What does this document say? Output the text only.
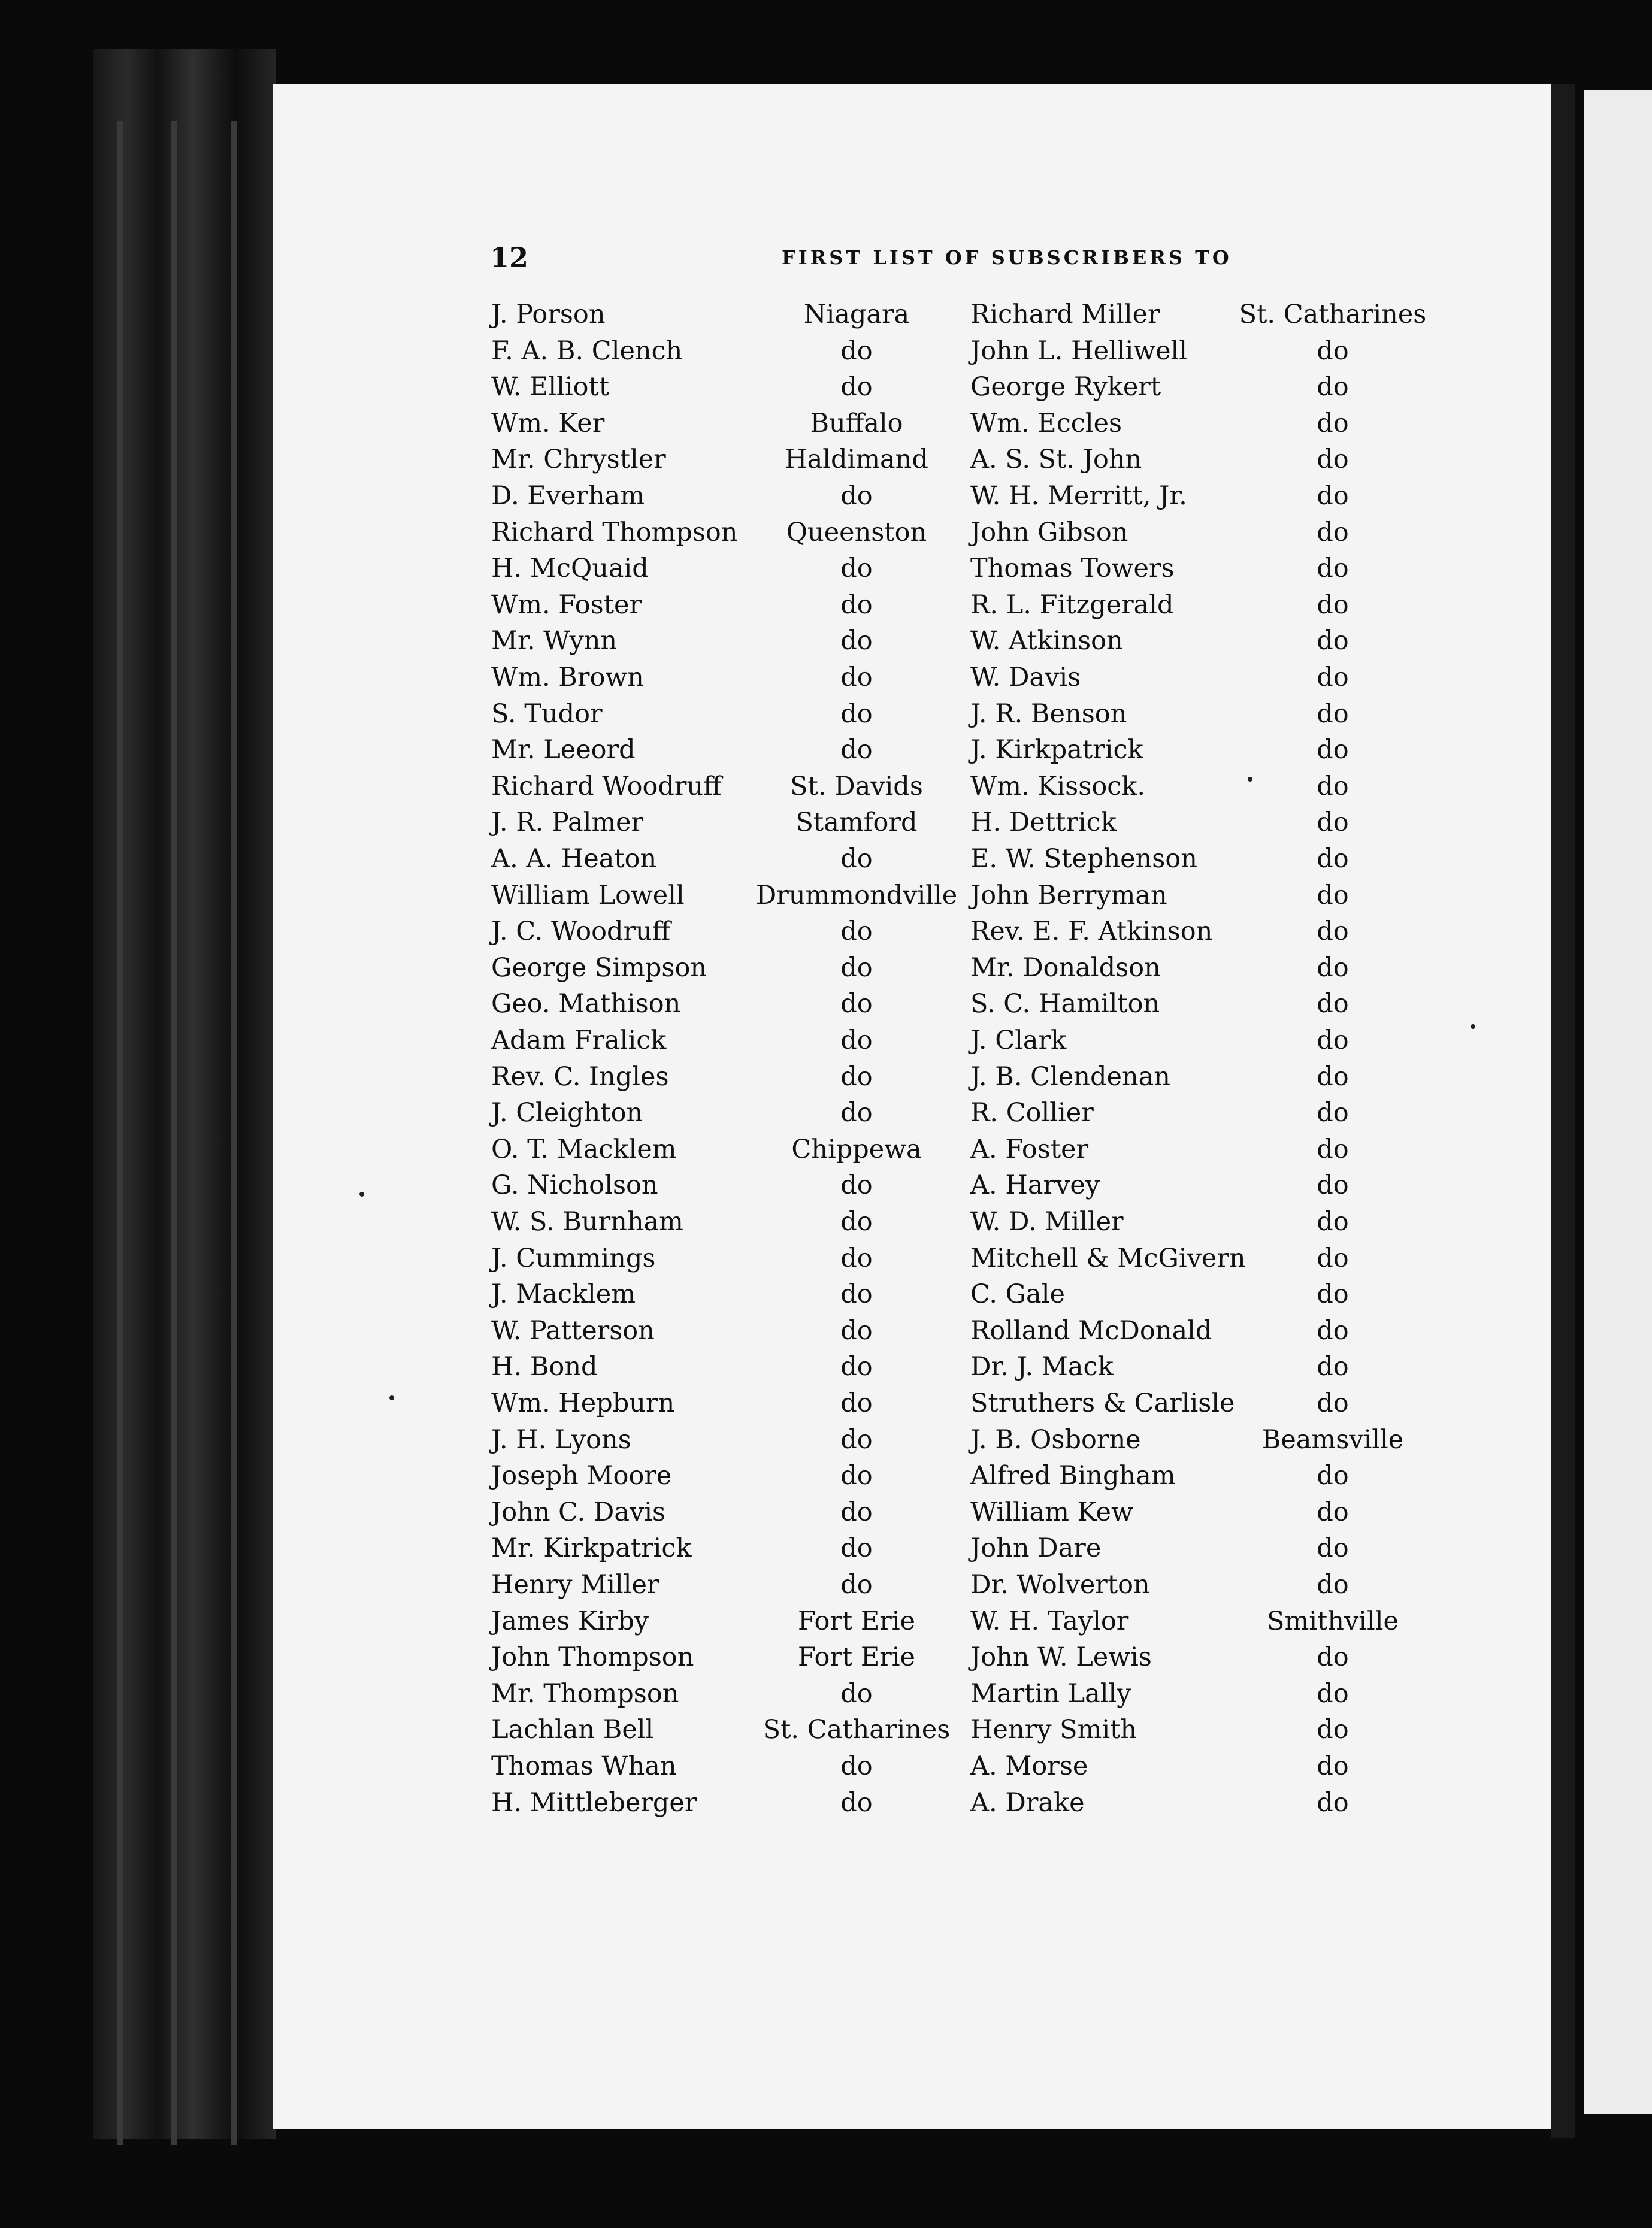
12	FIRST LIST OF SUBSCRIBERS TO
J. Porson	Niagara	Richard Miller	St. Catharines
F. A. B. Clench	do	John L. Helliwell	do
W. Elliott	do	George Rykert	do
Wm. Ker	Buffalo	Wm. Eccles	do
Mr. Chrystler	Haldimand	A. S. St. John	do
D. Everham	do	W. H. Merritt, Jr.	do
Richard Thompson	Queenston	John Gibson	do
H. McQuaid	do	Thomas Towers	do
Wm. Foster	do	R. L. Fitzgerald	do
Mr. Wynn	do	W. Atkinson	do
Wm. Brown	do	W. Davis	do
S. Tudor	do	J. R. Benson	do
Mr. Leeord	do	J. Kirkpatrick	do
Richard Woodruff	St. Davids	Wm. Kissock.	do
J. R. Palmer	Stamford	H. Dettrick	do
A. A. Heaton	do	E. W. Stephenson	do
William Lowell	Drummondville John Berryman	do
J. C. Woodruff	do	Rev. E. F. Atkinson	do
George Simpson	do	Mr. Donaldson	do
Geo. Mathison	do	S. C. Hamilton	do
Adam Fralick	do	J. Clark	do
Rev. C. Ingles	do	J. B. Clendenan	do
J. Cleighton	do	R. Collier	do
O. T. Macklem	Chippewa	A. Foster	do
G. Nicholson	do	A. Harvey	do
W. S. Burnham	do	W. D. Miller	do
J. Cummings	do	Mitchell & McGivern	do
J. Macklem	do	C. Gale	do
W. Patterson	do	Rolland McDonald	do
H. Bond	do	Dr. J. Mack	do
Wm. Hepburn	do	Struthers & Carlisle	do
J. H. Lyons	do	J. B. Osborne	Beamsville
Joseph Moore	do	Alfred Bingham	do
John C. Davis	do	William Kew	do
Mr. Kirkpatrick	do	John Dare	do
Henry Miller	do	Dr. Wolverton	do
James Kirby	Fort Erie	W. H. Taylor	Smithville
John Thompson	Fort Erie	John W. Lewis	do
Mr. Thompson	do	Martin Lally	do
Lachlan Bell	St. Catharines Henry Smith	do
Thomas Whan	do	A. Morse	do
H. Mittleberger	do	A. Drake	do
